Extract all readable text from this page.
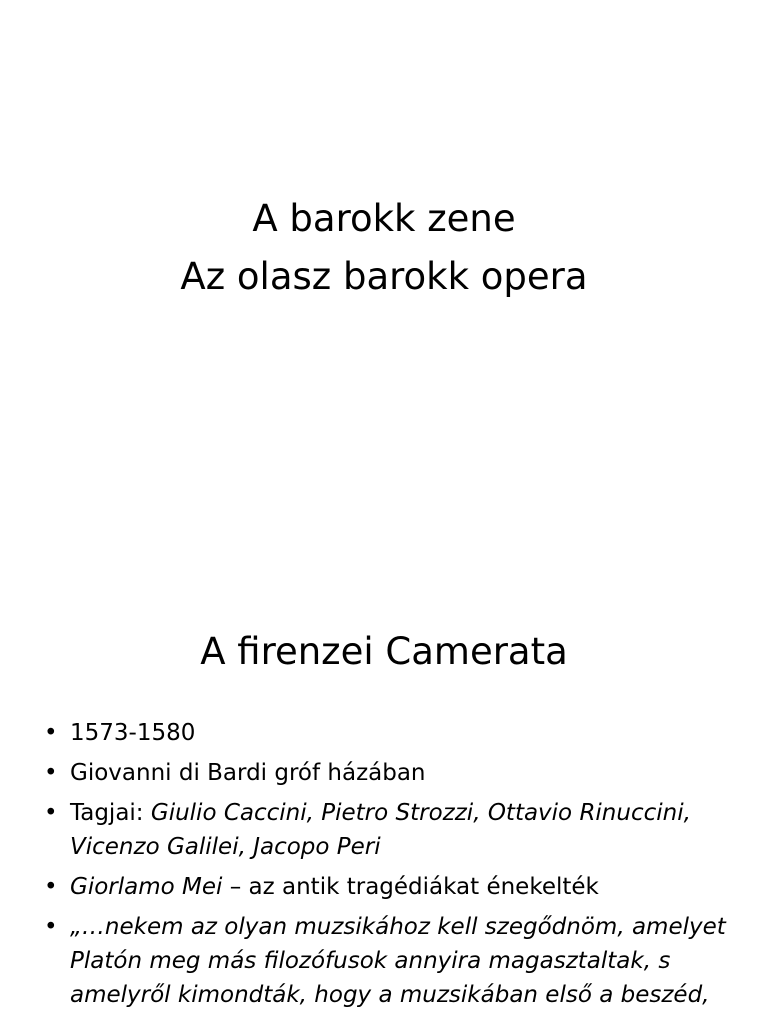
A barokk zene
Az olasz barokk opera
A firenzei Camerata
• 1573-1580
• Giovanni di Bardi gróf házában
• Tagjai: Giulio Caccini, Pietro Strozzi, Ottavio Rinuccini, Vicenzo Galilei, Jacopo Peri
• Giorlamo Mei – az antik tragédiákat énekelték
• „…nekem az olyan muzsikához kell szegődnöm, amelyet Platón meg más filozófusok annyira magasztaltak, s amelyről kimondták, hogy a muzsikában első a beszéd,
